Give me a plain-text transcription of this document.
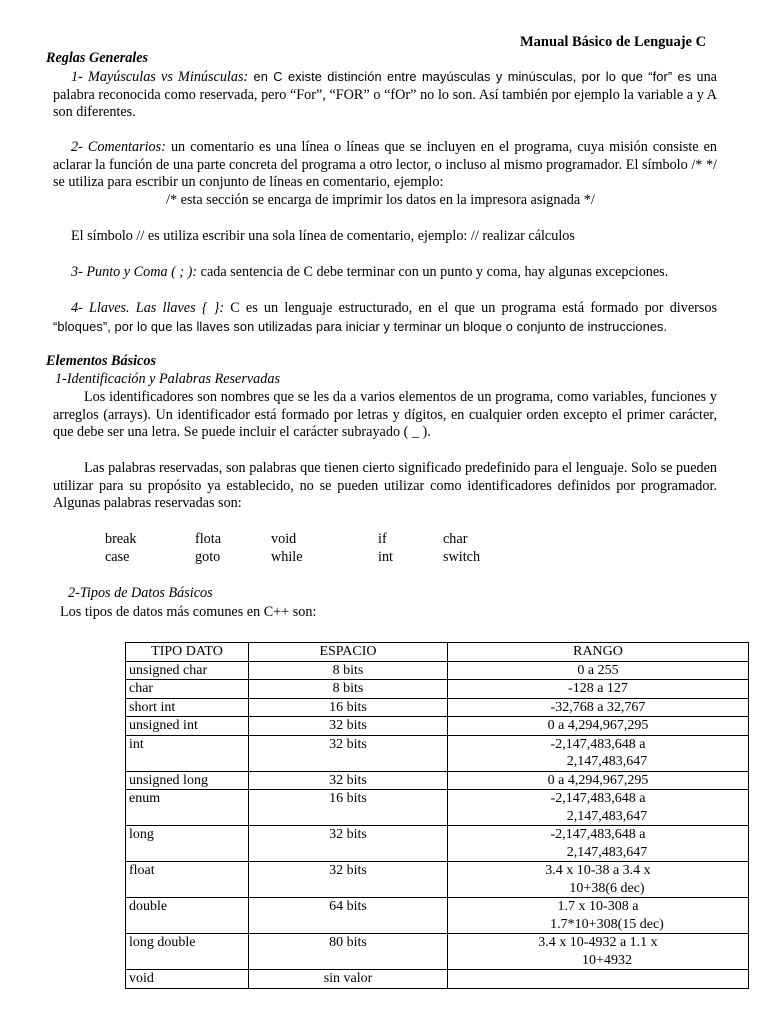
Manual Básico de Lenguaje C
Reglas Generales
1- Mayúsculas vs Minúsculas: en C existe distinción entre mayúsculas y minúsculas, por lo que “for” es una palabra reconocida como reservada, pero “For”, “FOR” o “fOr” no lo son. Así también por ejemplo la variable a y A son diferentes.
2- Comentarios: un comentario es una línea o líneas que se incluyen en el programa, cuya misión consiste en aclarar la función de una parte concreta del programa a otro lector, o incluso al mismo programador. El símbolo /* */ se utiliza para escribir un conjunto de líneas en comentario, ejemplo:
/* esta sección se encarga de imprimir los datos en la impresora asignada */
El símbolo // es utiliza escribir una sola línea de comentario, ejemplo: // realizar cálculos
3- Punto y Coma ( ; ): cada sentencia de C debe terminar con un punto y coma, hay algunas excepciones.
4- Llaves. Las llaves { }: C es un lenguaje estructurado, en el que un programa está formado por diversos “bloques”, por lo que las llaves son utilizadas para iniciar y terminar un bloque o conjunto de instrucciones.
Elementos Básicos
1-Identificación y Palabras Reservadas
Los identificadores son nombres que se les da a varios elementos de un programa, como variables, funciones y arreglos (arrays). Un identificador está formado por letras y dígitos, en cualquier orden excepto el primer carácter, que debe ser una letra. Se puede incluir el carácter subrayado ( _ ).
Las palabras reservadas, son palabras que tienen cierto significado predefinido para el lenguaje. Solo se pueden utilizar para su propósito ya establecido, no se pueden utilizar como identificadores definidos por programador. Algunas palabras reservadas son:
break	flota	void	if	char
case	goto	while	int	switch
2-Tipos de Datos Básicos
Los tipos de datos más comunes en C++ son:
TIPO DATO	ESPACIO	RANGO
unsigned char	8 bits	0 a 255

char	8 bits	-128 a 127

short int	16 bits	-32,768 a 32,767

unsigned int	32 bits	0 a 4,294,967,295

int	32 bits	-2,147,483,648 a
2,147,483,647

unsigned long	32 bits	0 a 4,294,967,295

enum	16 bits	-2,147,483,648 a
2,147,483,647

long	32 bits	-2,147,483,648 a
2,147,483,647

float	32 bits	3.4 x 10-38 a 3.4 x
10+38(6 dec)

double	64 bits	1.7 x 10-308 a
1.7*10+308(15 dec)

long double	80 bits	3.4 x 10-4932 a 1.1 x
10+4932

void	sin valor	
